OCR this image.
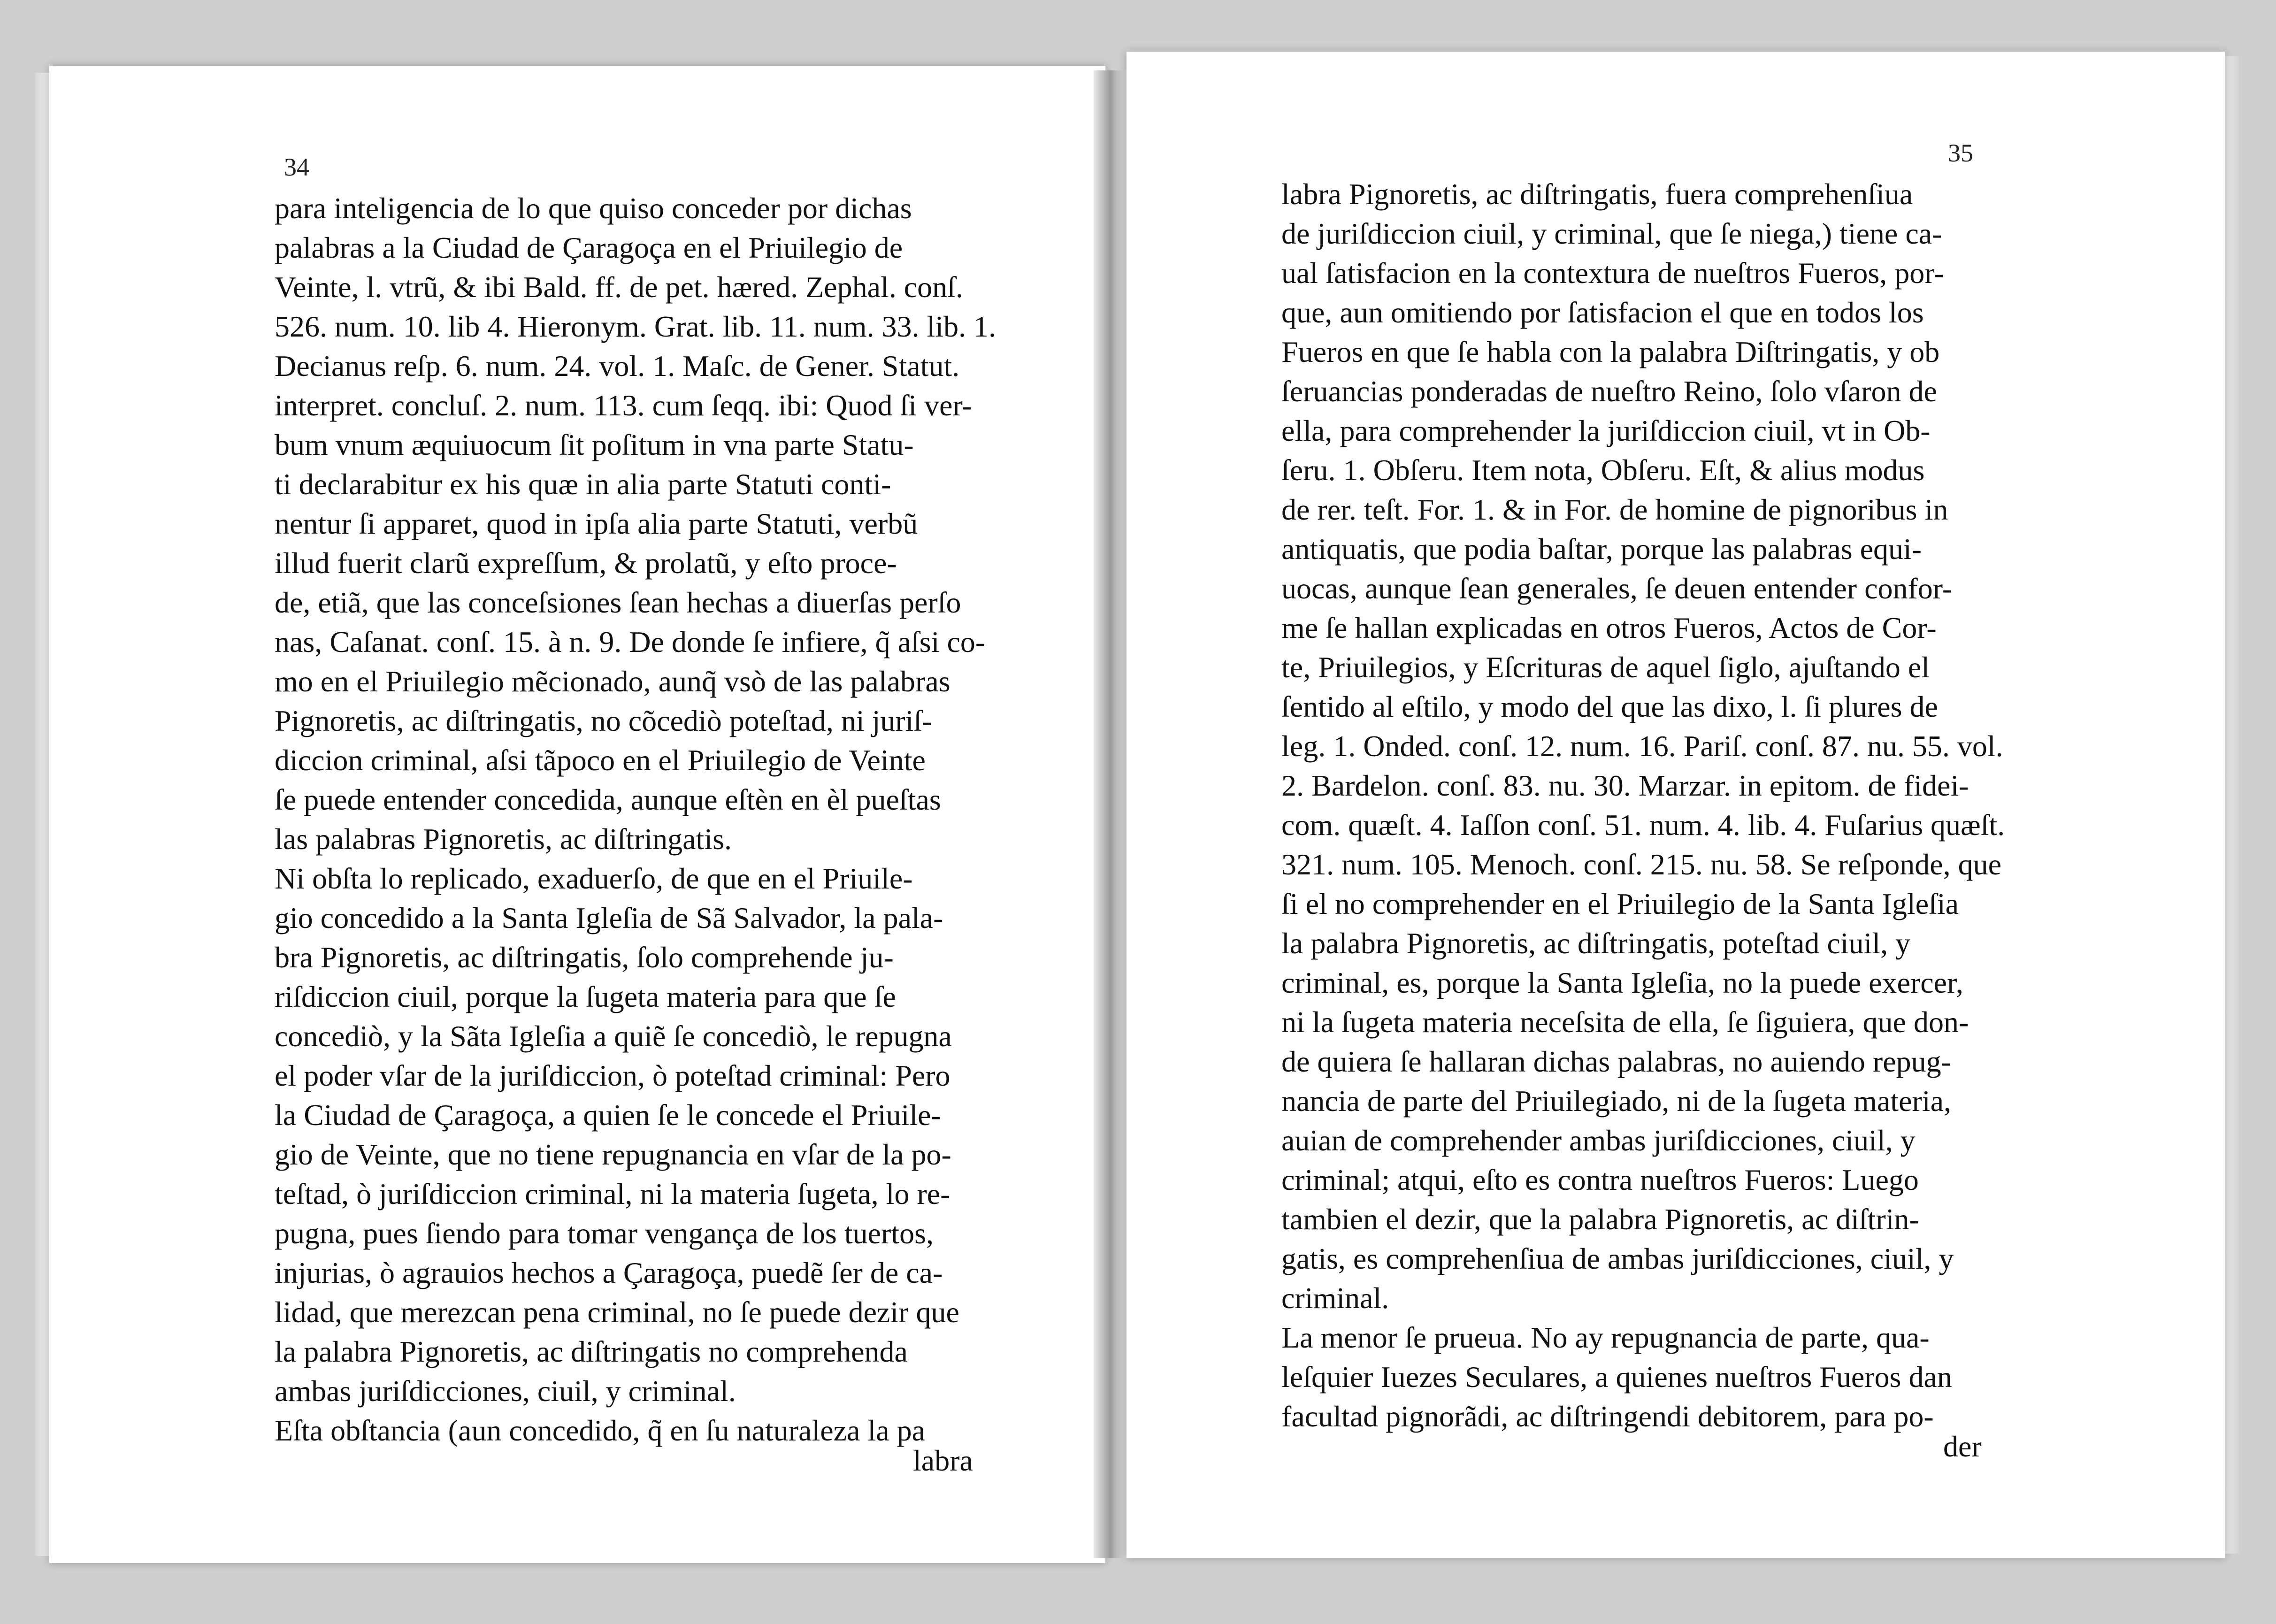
34
para inteligencia de lo que quiso conceder por dichas
palabras a la Ciudad de Çaragoça en el Priuilegio de
Veinte, l. vtrũ, & ibi Bald. ff. de pet. hæred. Zephal. conſ.
526. num. 10. lib 4. Hieronym. Grat. lib. 11. num. 33. lib. 1.
Decianus reſp. 6. num. 24. vol. 1. Maſc. de Gener. Statut.
interpret. concluſ. 2. num. 113. cum ſeqq. ibi: Quod ſi ver-
bum vnum æquiuocum ſit poſitum in vna parte Statu-
ti declarabitur ex his quæ in alia parte Statuti conti-
nentur ſi apparet, quod in ipſa alia parte Statuti, verbũ
illud fuerit clarũ expreſſum, & prolatũ, y eſto proce-
de, etiã, que las conceſsiones ſean hechas a diuerſas perſo
nas, Caſanat. conſ. 15. à n. 9. De donde ſe infiere, q̃ aſsi co-
mo en el Priuilegio mẽcionado, aunq̃ vsò de las palabras
Pignoretis, ac diſtringatis, no cõcediò poteſtad, ni juriſ-
diccion criminal, aſsi tãpoco en el Priuilegio de Veinte
ſe puede entender concedida, aunque eſtèn en èl pueſtas
las palabras Pignoretis, ac diſtringatis.
Ni obſta lo replicado, exaduerſo, de que en el Priuile-
gio concedido a la Santa Igleſia de Sã Salvador, la pala-
bra Pignoretis, ac diſtringatis, ſolo comprehende ju-
riſdiccion ciuil, porque la ſugeta materia para que ſe
concediò, y la Sãta Igleſia a quiẽ ſe concediò, le repugna
el poder vſar de la juriſdiccion, ò poteſtad criminal: Pero
la Ciudad de Çaragoça, a quien ſe le concede el Priuile-
gio de Veinte, que no tiene repugnancia en vſar de la po-
teſtad, ò juriſdiccion criminal, ni la materia ſugeta, lo re-
pugna, pues ſiendo para tomar vengança de los tuertos,
injurias, ò agrauios hechos a Çaragoça, puedẽ ſer de ca-
lidad, que merezcan pena criminal, no ſe puede dezir que
la palabra Pignoretis, ac diſtringatis no comprehenda
ambas juriſdicciones, ciuil, y criminal.
Eſta obſtancia (aun concedido, q̃ en ſu naturaleza la pa
labra
35
labra Pignoretis, ac diſtringatis, fuera comprehenſiua
de juriſdiccion ciuil, y criminal, que ſe niega,) tiene ca-
ual ſatisfacion en la contextura de nueſtros Fueros, por-
que, aun omitiendo por ſatisfacion el que en todos los
Fueros en que ſe habla con la palabra Diſtringatis, y ob
ſeruancias ponderadas de nueſtro Reino, ſolo vſaron de
ella, para comprehender la juriſdiccion ciuil, vt in Ob-
ſeru. 1. Obſeru. Item nota, Obſeru. Eſt, & alius modus
de rer. teſt. For. 1. & in For. de homine de pignoribus in
antiquatis, que podia baſtar, porque las palabras equi-
uocas, aunque ſean generales, ſe deuen entender confor-
me ſe hallan explicadas en otros Fueros, Actos de Cor-
te, Priuilegios, y Eſcrituras de aquel ſiglo, ajuſtando el
ſentido al eſtilo, y modo del que las dixo, l. ſi plures de
leg. 1. Onded. conſ. 12. num. 16. Pariſ. conſ. 87. nu. 55. vol.
2. Bardelon. conſ. 83. nu. 30. Marzar. in epitom. de fidei-
com. quæſt. 4. Iaſſon conſ. 51. num. 4. lib. 4. Fuſarius quæſt.
321. num. 105. Menoch. conſ. 215. nu. 58. Se reſponde, que
ſi el no comprehender en el Priuilegio de la Santa Igleſia
la palabra Pignoretis, ac diſtringatis, poteſtad ciuil, y
criminal, es, porque la Santa Igleſia, no la puede exercer,
ni la ſugeta materia neceſsita de ella, ſe ſiguiera, que don-
de quiera ſe hallaran dichas palabras, no auiendo repug-
nancia de parte del Priuilegiado, ni de la ſugeta materia,
auian de comprehender ambas juriſdicciones, ciuil, y
criminal; atqui, eſto es contra nueſtros Fueros: Luego
tambien el dezir, que la palabra Pignoretis, ac diſtrin-
gatis, es comprehenſiua de ambas juriſdicciones, ciuil, y
criminal.
La menor ſe prueua. No ay repugnancia de parte, qua-
leſquier Iuezes Seculares, a quienes nueſtros Fueros dan
facultad pignorãdi, ac diſtringendi debitorem, para po-
der
